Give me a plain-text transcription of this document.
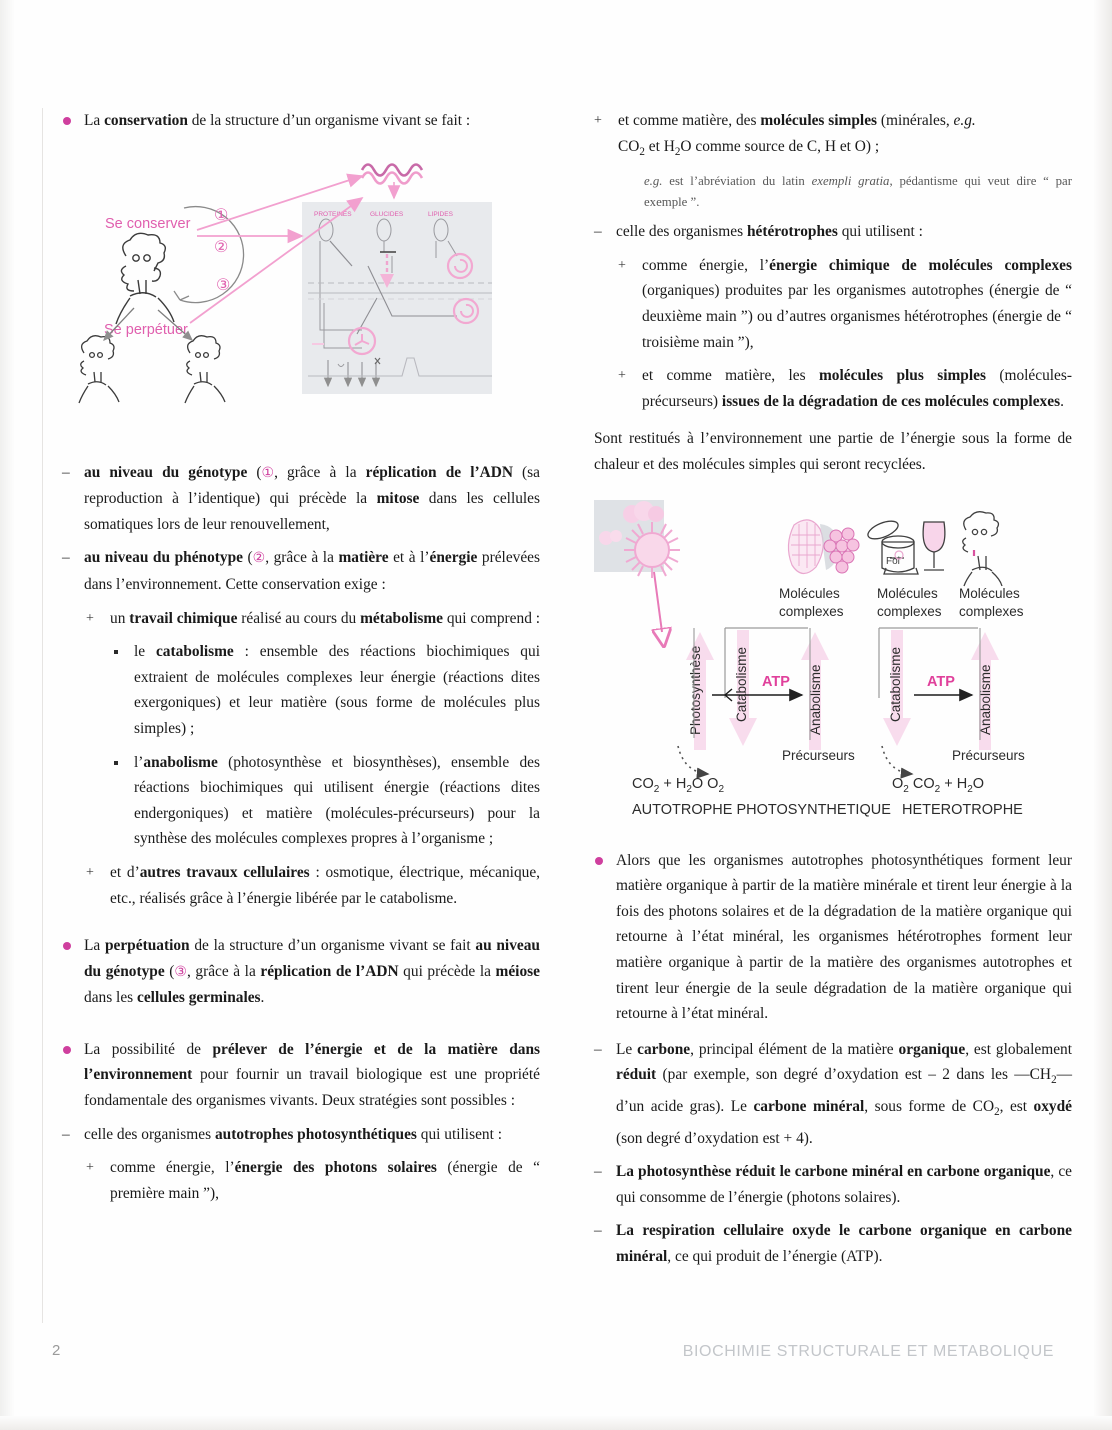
La conservation de la structure d’un organisme vivant se fait :
PROTEINES	GLUCIDES	LIPIDES
Se conserver
Se perpétuer
①
②
③
– au niveau du génotype (①, grâce à la réplication de l’ADN (sa reproduction à l’identique) qui précède la mitose dans les cellules somatiques lors de leur renouvellement,
– au niveau du phénotype (②, grâce à la matière et à l’énergie prélevées dans l’environnement. Cette conservation exige :
+ un travail chimique réalisé au cours du métabolisme qui comprend :
le catabolisme : ensemble des réactions biochimiques qui extraient de molécules complexes leur énergie (réactions dites exergoniques) et leur matière (sous forme de molécules plus simples) ;
l’anabolisme (photosynthèse et biosynthèses), ensemble des réactions biochimiques qui utilisent énergie (réactions dites endergoniques) et matière (molécules-précurseurs) pour la synthèse des molécules complexes propres à l’organisme ;
+ et d’autres travaux cellulaires : osmotique, électrique, mécanique, etc., réalisés grâce à l’énergie libérée par le catabolisme.
La perpétuation de la structure d’un organisme vivant se fait au niveau du génotype (③, grâce à la réplication de l’ADN qui précède la méiose dans les cellules germinales.
La possibilité de prélever de l’énergie et de la matière dans l’environnement pour fournir un travail biologique est une propriété fondamentale des organismes vivants. Deux stratégies sont possibles :
– celle des organismes autotrophes photosynthétiques qui utilisent :
+ comme énergie, l’énergie des photons solaires (énergie de “ première main ”),
+ et comme matière, des molécules simples (minérales, e.g.
$CO_2$ et $H_2O$ comme source de C, H et O) ;
e.g. est l’abréviation du latin exempli gratia, pédantisme qui veut dire “ par exemple ”.
– celle des organismes hétérotrophes qui utilisent :
+ comme énergie, l’énergie chimique de molécules complexes (organiques) produites par les organismes autotrophes (énergie de “ deuxième main ”) ou d’autres organismes hétérotrophes (énergie de “ troisième main ”),
+ et comme matière, les molécules plus simples (molécules-précurseurs) issues de la dégradation de ces molécules complexes.
Sont restitués à l’environnement une partie de l’énergie sous la forme de chaleur et des molécules simples qui seront recyclées.
Foi
Molécules
complexes
Molécules
complexes
Molécules
complexes
Photosynthèse Catabolisme	Anabolisme
ATP
Précurseurs
$CO_2 + H_2O$ $O_2$
AUTOTROPHE PHOTOSYNTHETIQUE
Catabolisme	Anabolisme
ATP
Précurseurs
$O_2$ $CO_2 + H_2O$
HETEROTROPHE
Alors que les organismes autotrophes photosynthétiques forment leur matière organique à partir de la matière minérale et tirent leur énergie à la fois des photons solaires et de la dégradation de la matière organique qui retourne à l’état minéral, les organismes hétérotrophes forment leur matière organique à partir de la matière des organismes autotrophes et tirent leur énergie de la seule dégradation de la matière organique qui retourne à l’état minéral.
– Le carbone, principal élément de la matière organique, est globalement réduit (par exemple, son degré d’oxydation est – 2 dans les $—CH_2—$ d’un acide gras). Le carbone minéral, sous forme de $CO_2$, est oxydé (son degré d’oxydation est + 4).
– La photosynthèse réduit le carbone minéral en carbone organique, ce qui consomme de l’énergie (photons solaires).
– La respiration cellulaire oxyde le carbone organique en carbone minéral, ce qui produit de l’énergie (ATP).
2	BIOCHIMIE STRUCTURALE ET METABOLIQUE
